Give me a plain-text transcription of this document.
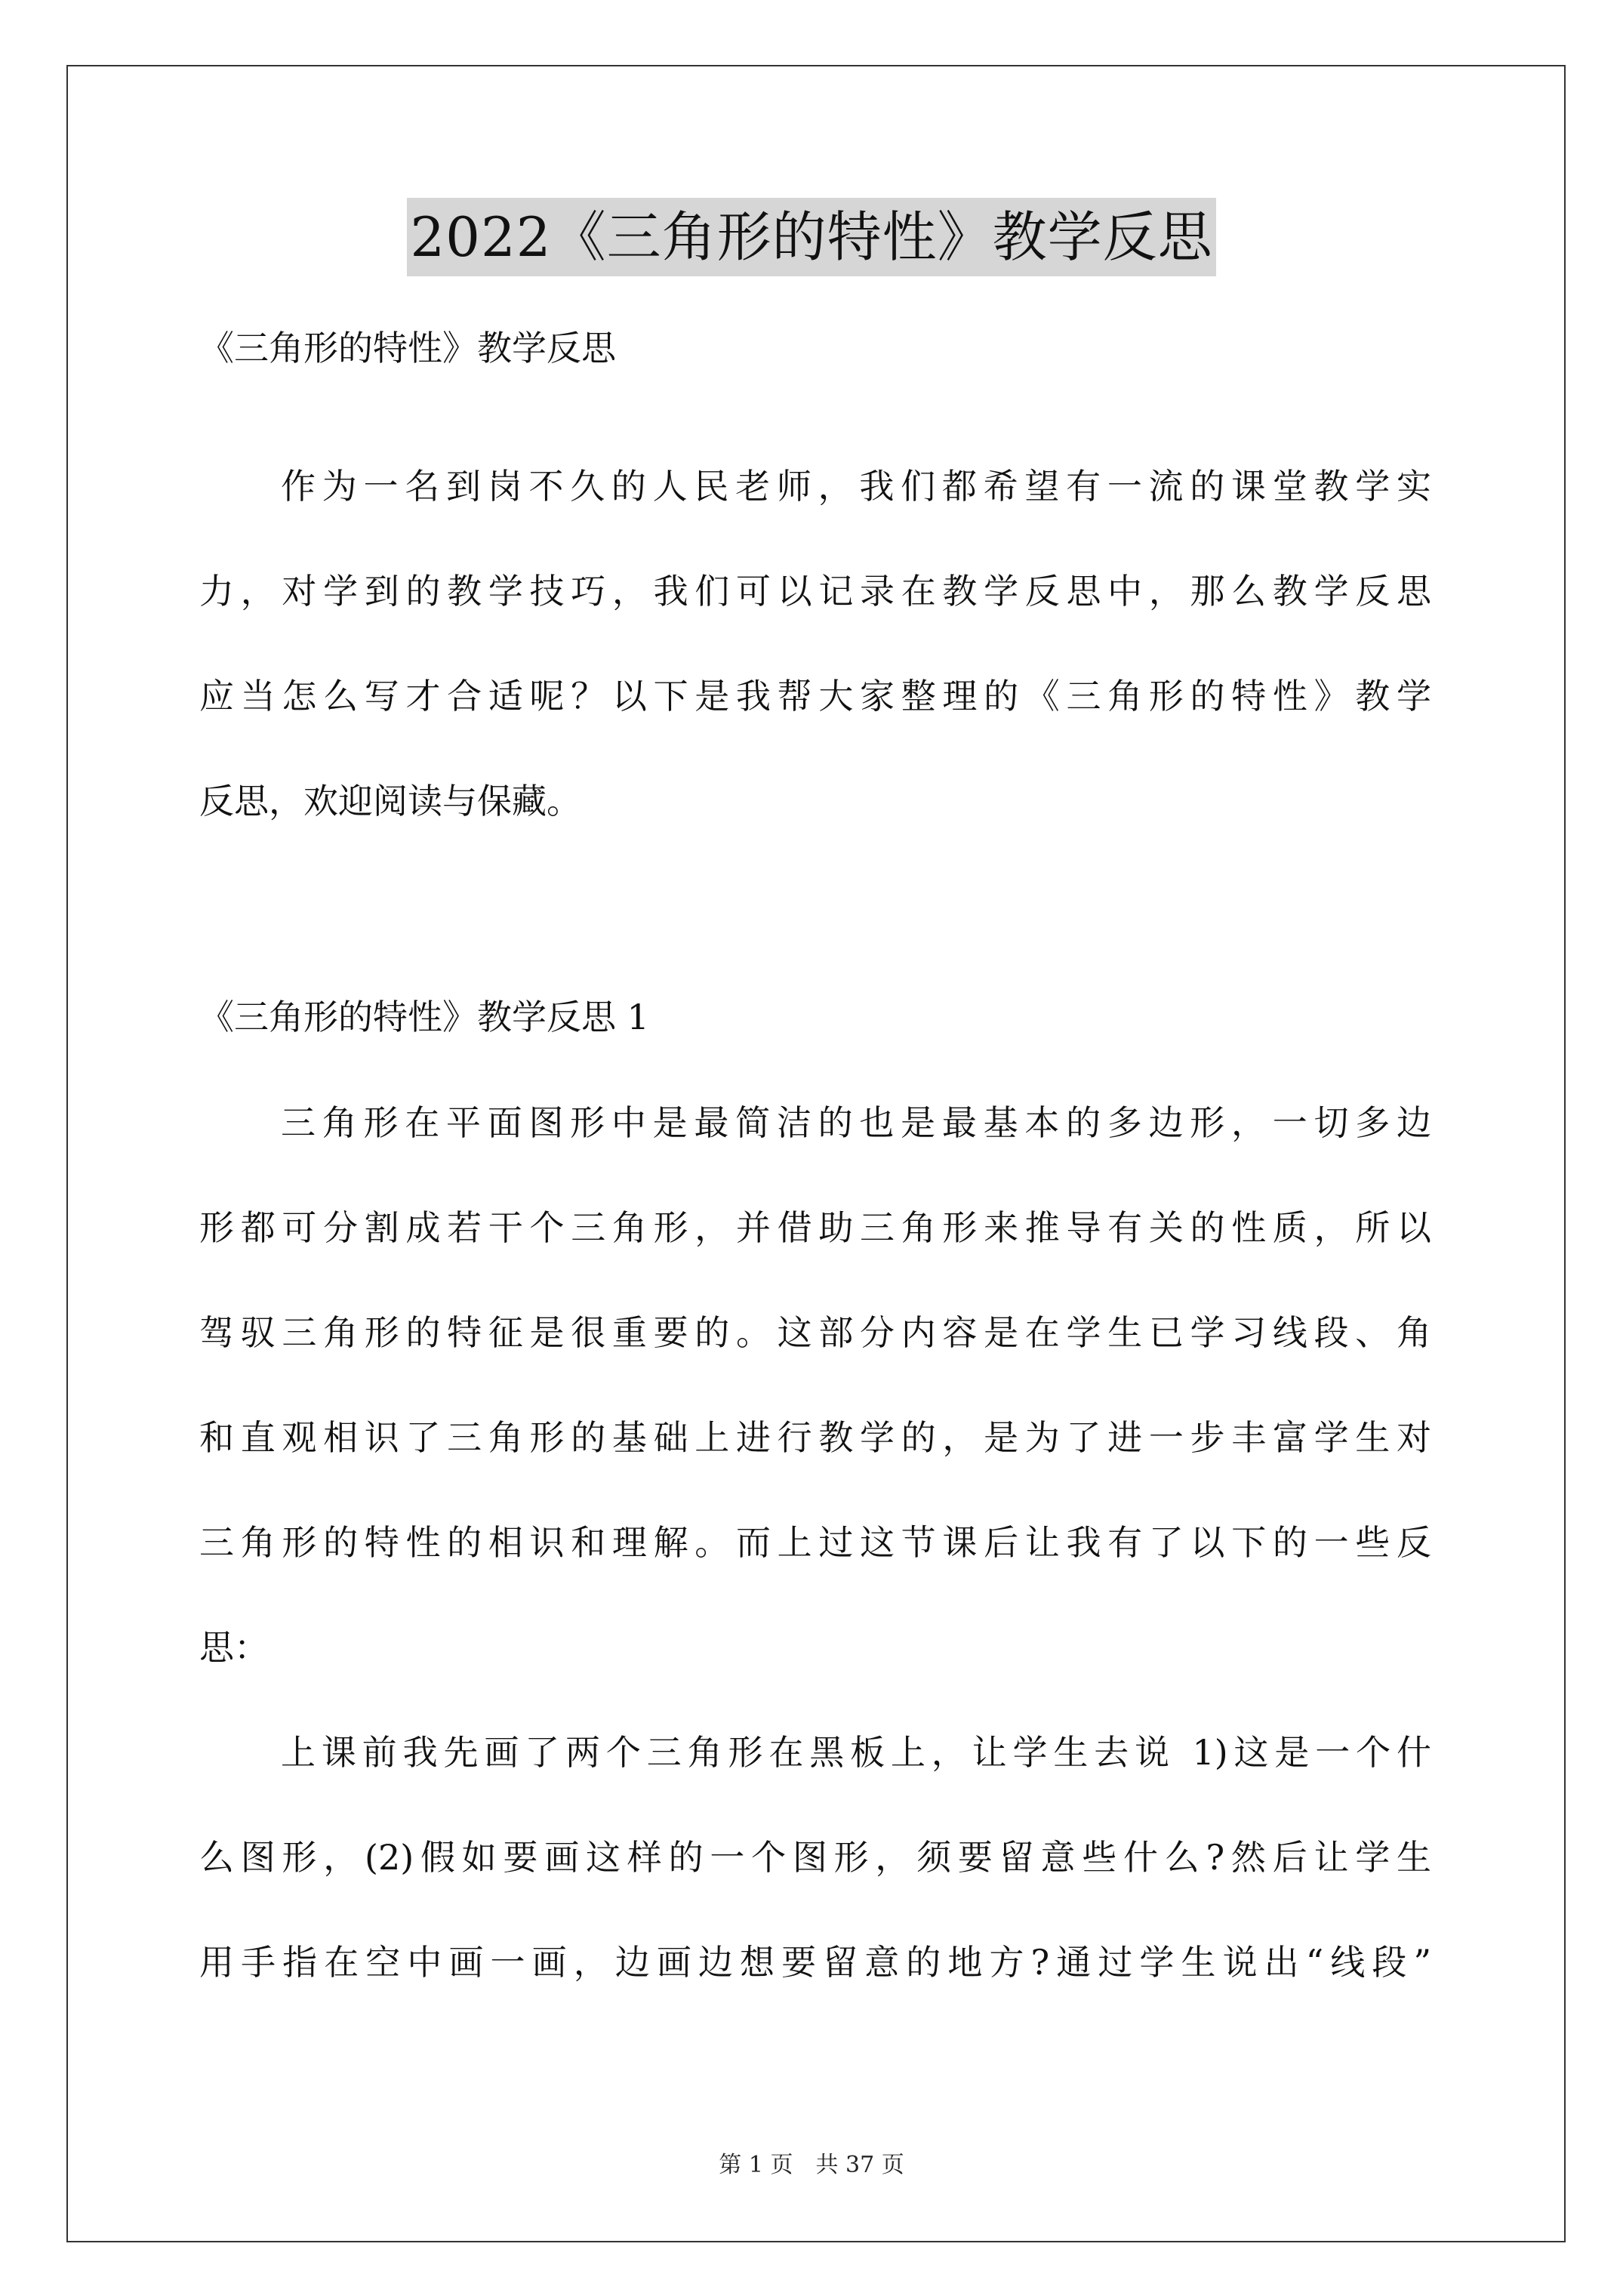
2022《三角形的特性》教学反思
《三角形的特性》教学反思
作为一名到岗不久的人民老师，我们都希望有一流的课堂教学实
力，对学到的教学技巧，我们可以记录在教学反思中，那么教学反思
应当怎么写才合适呢？以下是我帮大家整理的《三角形的特性》教学
反思，欢迎阅读与保藏。
《三角形的特性》教学反思 1
三角形在平面图形中是最简洁的也是最基本的多边形，一切多边
形都可分割成若干个三角形，并借助三角形来推导有关的性质，所以
驾驭三角形的特征是很重要的。这部分内容是在学生已学习线段、角
和直观相识了三角形的基础上进行教学的，是为了进一步丰富学生对
三角形的特性的相识和理解。而上过这节课后让我有了以下的一些反
思：
上课前我先画了两个三角形在黑板上，让学生去说 1)这是一个什
么图形，(2)假如要画这样的一个图形，须要留意些什么?然后让学生
用手指在空中画一画，边画边想要留意的地方?通过学生说出“线段”
第 1 页　共 37 页
